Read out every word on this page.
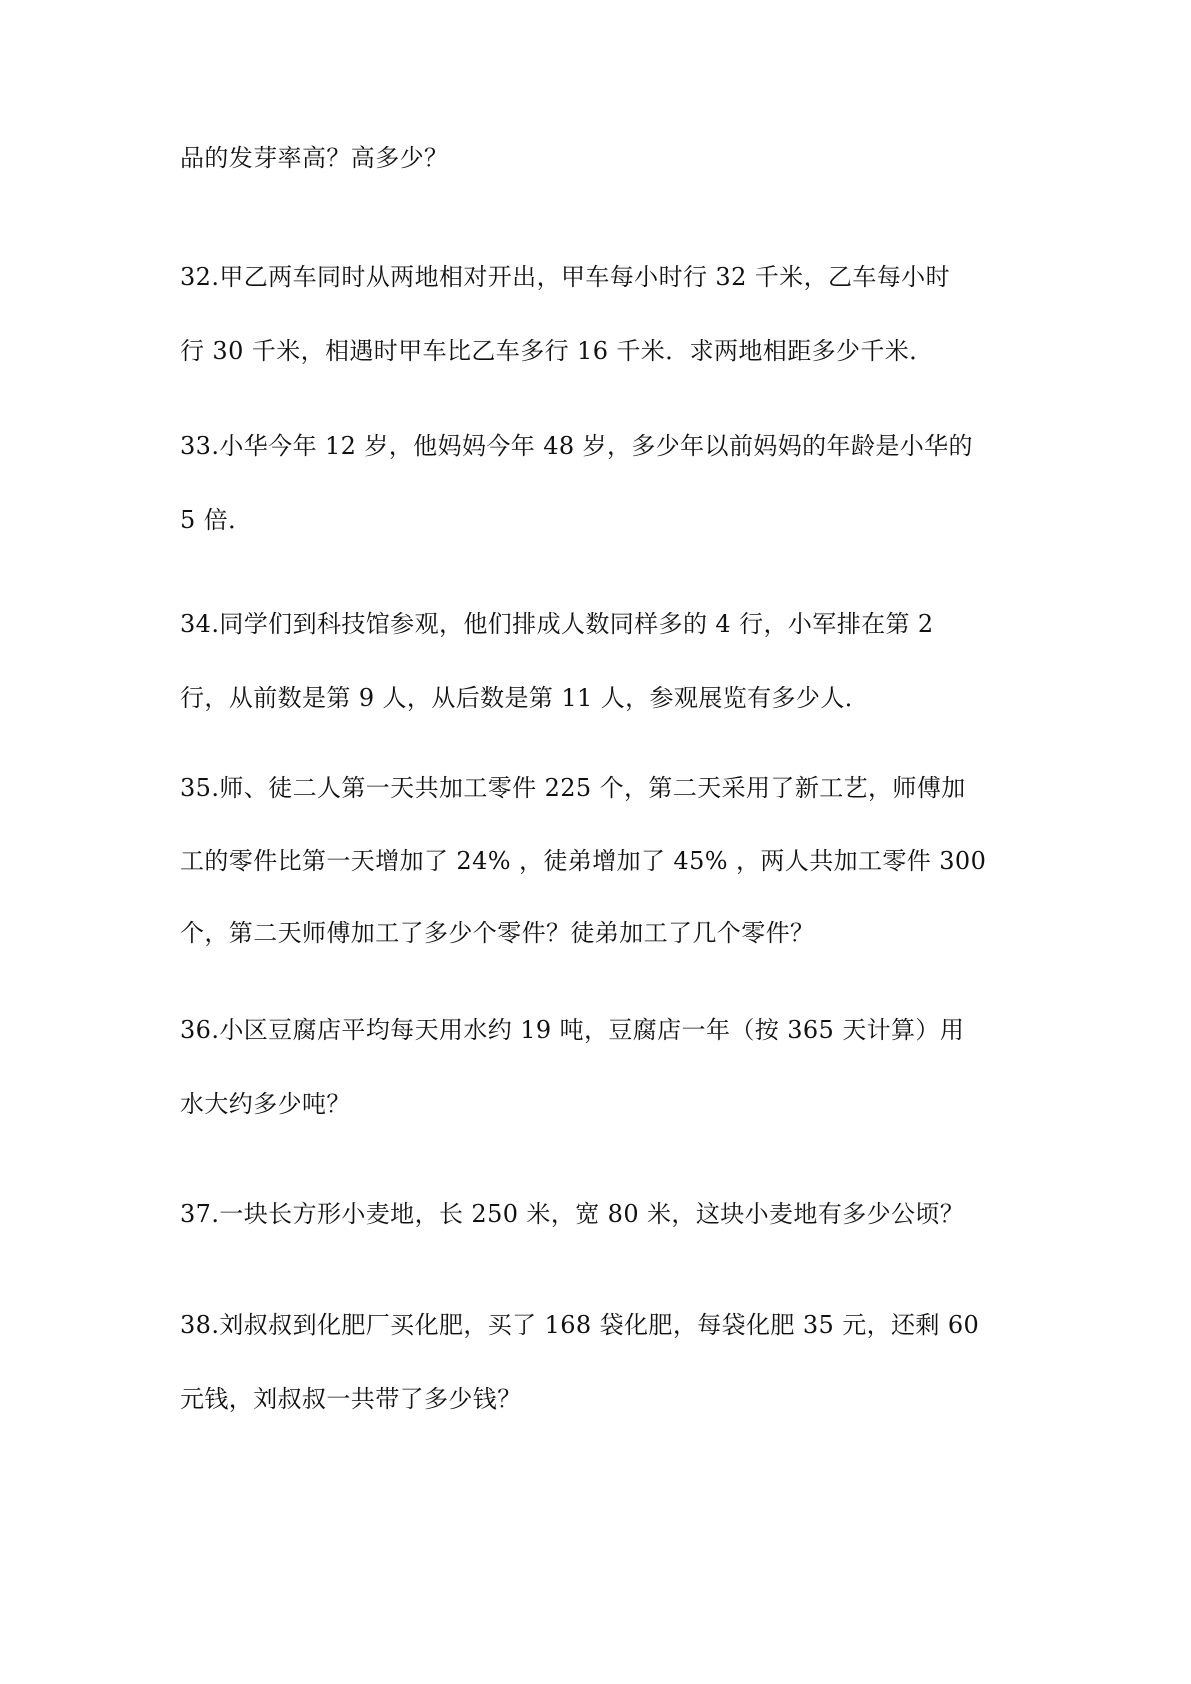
品的发芽率高？高多少？
32.甲乙两车同时从两地相对开出，甲车每小时行 32 千米，乙车每小时
行 30 千米，相遇时甲车比乙车多行 16 千米．求两地相距多少千米．
33.小华今年 12 岁，他妈妈今年 48 岁，多少年以前妈妈的年龄是小华的
5 倍．
34.同学们到科技馆参观，他们排成人数同样多的 4 行，小军排在第 2
行，从前数是第 9 人，从后数是第 11 人，参观展览有多少人．
35.师、徒二人第一天共加工零件 225 个，第二天采用了新工艺，师傅加
工的零件比第一天增加了 24% ，徒弟增加了 45% ，两人共加工零件 300
个，第二天师傅加工了多少个零件？徒弟加工了几个零件？
36.小区豆腐店平均每天用水约 19 吨，豆腐店一年（按 365 天计算）用
水大约多少吨？
37.一块长方形小麦地，长 250 米，宽 80 米，这块小麦地有多少公顷？
38.刘叔叔到化肥厂买化肥，买了 168 袋化肥，每袋化肥 35 元，还剩 60
元钱，刘叔叔一共带了多少钱？
